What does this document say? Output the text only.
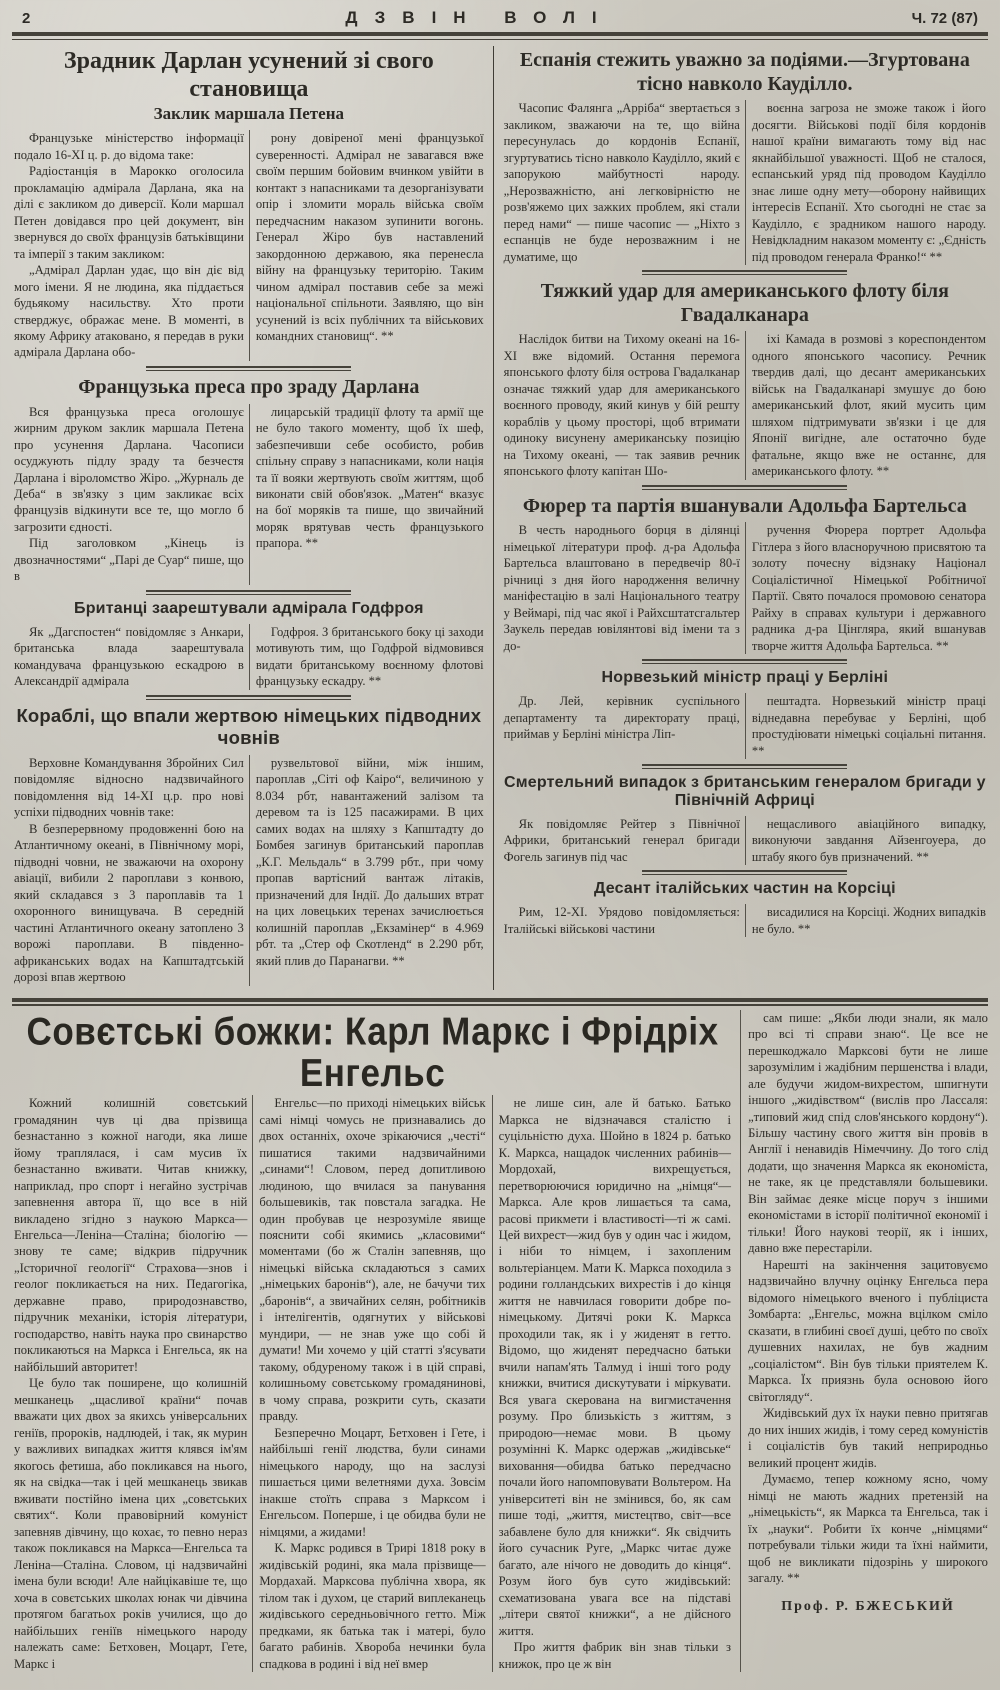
2	ДЗВІН ВОЛІ	Ч. 72 (87)
Зрадник Дарлан усунений зі свого становища
Заклик маршала Петена

Французьке міністерство інформації подало 16-XI ц. р. до відома таке:

Радіостанція в Марокко оголосила прокламацію адмірала Дарлана, яка на ділі є закликом до диверсії. Коли маршал Петен довідався про цей документ, він звернувся до своїх французів батьківщини та імперії з таким закликом:

„Адмірал Дарлан удає, що він діє від мого імени. Я не людина, яка піддається будьякому насильству. Хто проти стверджує, ображає мене. В моменті, в якому Африку атаковано, я передав в руки адмірала Дарлана обо-

рону довіреної мені французької суверенності. Адмірал не завагався вже своїм першим бойовим вчинком увійти в контакт з напасниками та дезорганізувати опір і зломити мораль війська своїм передчасним наказом зупинити вогонь. Генерал Жіро був наставлений закордонною державою, яка перенесла війну на французьку територію. Таким чином адмірал поставив себе за межі національної спільноти. Заявляю, що він усунений із всіх публічних та військових командних становищ“. **

Французька преса про зраду Дарлана

Вся французька преса оголошує жирним друком заклик маршала Петена про усунення Дарлана. Часописи осуджують підлу зраду та безчестя Дарлана і віроломство Жіро. „Журналь де Деба“ в зв'язку з цим закликає всіх французів відкинути все те, що могло б загрозити єдності.

Під заголовком „Кінець із двозначностями“ „Парі де Суар“ пише, що в

лицарській традиції флоту та армії ще не було такого моменту, щоб їх шеф, забезпечивши себе особисто, робив спільну справу з напасниками, коли нація та її вояки жертвують своїм життям, щоб виконати свій обов'язок. „Матен“ вказує на бої моряків та пише, що звичайний моряк врятував честь французького прапора. **

Британці заарештували адмірала Годфроя

Як „Дагспостен“ повідомляє з Анкари, британська влада заарештувала командувача французькою ескадрою в Александрії адмірала

Годфроя. З британського боку ці заходи мотивують тим, що Годфрой відмовився видати британському воєнному флотові французьку ескадру. **

Кораблі, що впали жертвою німецьких підводних човнів

Верховне Командування Збройних Сил повідомляє відносно надзвичайного повідомлення від 14-XI ц.р. про нові успіхи підводних човнів таке:

В безперервному продовженні бою на Атлантичному океані, в Північному морі, підводні човни, не зважаючи на охорону авіації, вибили 2 пароплави з конвою, який складався з 3 пароплавів та 1 охоронного винищувача. В середній частині Атлантичного океану затоплено 3 ворожі пароплави. В південно-африканських водах на Капштадтській дорозі впав жертвою

рузвельтової війни, між іншим, пароплав „Сіті оф Каіро“, величиною у 8.034 рбт, навантажений залізом та деревом та із 125 пасажирами. В цих самих водах на шляху з Капштадту до Бомбея загинув британський пароплав „К.Г. Мельдаль“ в 3.799 рбт., при чому пропав вартісний вантаж літаків, призначений для Індії. До дальших втрат на цих ловецьких теренах зачислюється колишній пароплав „Екзамінер“ в 4.969 рбт. та „Стер оф Скотленд“ в 2.290 рбт, який плив до Паранагви. **

Еспанія стежить уважно за подіями.—Згуртована тісно навколо Кауділло.

Часопис Фалянга „Арріба“ звертається з закликом, зважаючи на те, що війна пересунулась до кордонів Еспанії, згуртуватись тісно навколо Кауділло, який є запорукою майбутності народу. „Нерозважністю, ані легковірністю не розв'яжемо цих зажких проблем, які стали перед нами“ — пише часопис — „Ніхто з еспанців не буде нерозважним і не думатиме, що

воєнна загроза не зможе також і його досягти. Військові події біля кордонів нашої країни вимагають тому від нас якнайбільшої уважності. Щоб не сталося, еспанський уряд під проводом Кауділло знає лише одну мету—оборону найвищих інтересів Еспанії. Хто сьогодні не стає за Кауділло, є зрадником нашого народу. Невідкладним наказом моменту є: „Єдність під проводом генерала Франко!“ **

Тяжкий удар для американського флоту біля Гвадалканара

Наслідок битви на Тихому океані на 16-XI вже відомий. Остання перемога японського флоту біля острова Гвадалканар означає тяжкий удар для американського воєнного проводу, який кинув у бій решту кораблів у цьому просторі, щоб втримати одиноку висунену американську позицію на Тихому океані, — так заявив речник японського флоту капітан Шо-

іхі Камада в розмові з кореспондентом одного японського часопису. Речник твердив далі, що десант американських військ на Гвадалканарі змушує до бою американський флот, який мусить цим шляхом підтримувати зв'язки і це для Японії вигідне, але остаточно буде фатальне, якщо вже не останнє, для американського флоту. **

Фюрер та партія вшанували Адольфа Бартельса

В честь народнього борця в ділянці німецької літератури проф. д-ра Адольфа Бартельса влаштовано в передвечір 80-ї річниці з дня його народження величну маніфестацію в залі Національного театру у Веймарі, під час якої і Райхсштатсгальтер Заукель передав ювілянтові від імени та з до-

ручення Фюрера портрет Адольфа Гітлера з його власноручною присвятою та золоту почесну відзнаку Націонал Соціалістичної Німецької Робітничої Партії. Свято почалося промовою сенатора Райху в справах культури і державного радника д-ра Цінгляра, який вшанував творче життя Адольфа Бартельса. **

Норвезький міністр праці у Берліні

Др. Лей, керівник суспільного департаменту та директорату праці, приймав у Берліні міністра Ліп-

пештадта. Норвезький міністр праці віднедавна перебуває у Берліні, щоб простудіювати німецькі соціальні питання. **

Смертельний випадок з британським генералом бригади у Північній Африці

Як повідомляє Рейтер з Північної Африки, британський генерал бригади Фогель загинув під час

нещасливого авіаційного випадку, виконуючи завдання Айзенгоуера, до штабу якого був призначений. **

Десант італійських частин на Корсіці

Рим, 12-XI. Урядово повідомляється: Італійські військові частини

висадилися на Корсіці. Жодних випадків не було. **

Совєтські божки: Карл Маркс і Фрідріх Енгельс

Кожний колишній совєтський громадянин чув ці два прізвища безнастанно з кожної нагоди, яка лише йому траплялася, і сам мусив їх безнастанно вживати. Читав книжку, наприклад, про спорт і негайно зустрічав запевнення автора її, що все в ній викладено згідно з наукою Маркса—Енгельса—Леніна—Сталіна; біологію — знову те саме; відкрив підручник „Історичної геології“ Страхова—знов і геолог покликається на них. Педагогіка, державне право, природознавство, підручник механіки, історія літератури, господарство, навіть наука про свинарство покликаються на Маркса і Енгельса, як на найбільший авторитет!

Це було так поширене, що колишній мешканець „щасливої країни“ почав вважати цих двох за якихсь універсальних геніїв, пророків, надлюдей, і так, як мурин у важливих випадках життя клявся ім'ям якогось фетиша, або покликався на нього, як на свідка—так і цей мешканець звикав вживати постійно імена цих „совєтських святих“. Коли правовірний комуніст запевняв дівчину, що кохає, то певно нераз також покликався на Маркса—Енгельса та Леніна—Сталіна. Словом, ці надзвичайні імена були всюди! Але найцікавіше те, що хоча в совєтських школах юнак чи дівчина протягом багатьох років училися, що до найбільших геніїв німецького народу належать саме: Бетховен, Моцарт, Гете, Маркс і

Енгельс—по приході німецьких військ самі німці чомусь не признавались до двох останніх, охоче зрікаючися „честі“ пишатися такими надзвичайними „синами“! Словом, перед допитливою людиною, що вчилася за панування большевиків, так повстала загадка. Не один пробував це незрозуміле явище пояснити собі якимись „класовими“ моментами (бо ж Сталін запевняв, що німецькі війська складаються з самих „німецьких баронів“), але, не бачучи тих „баронів“, а звичайних селян, робітників і інтелігентів, одягнутих у військові мундири, — не знав уже що собі й думати! Ми хочемо у цій статті з'ясувати такому, обдуреному також і в цій справі, колишньому совєтському громадянинові, в чому справа, розкрити суть, сказати правду.

Безперечно Моцарт, Бетховен і Гете, і найбільші генії людства, були синами німецького народу, що на заслузі пишається цими велетнями духа. Зовсім інакше стоїть справа з Марксом і Енгельсом. Поперше, і це обидва були не німцями, а жидами!

К. Маркс родився в Трирі 1818 року в жидівській родині, яка мала прізвище—Мордахай. Марксова публічна хвора, як тілом так і духом, це старий виплеканець жидівського середньовічного гетто. Між предками, як батька так і матері, було багато рабинів. Хвороба нечинки була спадкова в родині і від неї вмер

не лише син, але й батько. Батько Маркса не відзначався сталістю і суцільністю духа. Шойно в 1824 р. батько К. Маркса, нащадок численних рабинів—Мордохай, вихрещується, перетворюючися юридично на „німця“—Маркса. Але кров лишається та сама, расові прикмети і властивості—ті ж самі. Цей вихрест—жид був у один час і жидом, і ніби то німцем, і захопленим вольтеріанцем. Мати К. Маркса походила з родини голландських вихрестів і до кінця життя не навчилася говорити добре по-німецькому. Дитячі роки К. Маркса проходили так, як і у жиденят в гетто. Відомо, що жиденят передчасно батьки вчили напам'ять Талмуд і інші того роду книжки, вчитися дискутувати і міркувати. Вся увага скерована на вигмистачення розуму. Про близькість з життям, з природою—немає мови. В цьому розумінні К. Маркс одержав „жидівське“ виховання—обидва батько передчасно почали його напомповувати Вольтером. На університеті він не змінився, бо, як сам пише тоді, „життя, мистецтво, світ—все забавлене було для книжки“. Як свідчить його сучасник Руге, „Маркс читає дуже багато, але нічого не доводить до кінця“. Розум його був суто жидівський: схематизована увага все на підставі „літери святої книжки“, а не дійсного життя.

Про життя фабрик він знав тільки з книжок, про це ж він

сам пише: „Якби люди знали, як мало про всі ті справи знаю“. Це все не перешкоджало Марксові бути не лише зарозумілим і жадібним першенства і влади, але будучи жидом-вихрестом, шпигнути іншого „жидівством“ (вислів про Лассаля: „типовий жид спід слов'янського кордону“). Більшу частину свого життя він провів в Англії і ненавидів Німеччину. До того слід додати, що значення Маркса як економіста, не таке, як це представляли большевики. Він займає деяке місце поруч з іншими економістами в історії політичної економії і тільки! Його наукові теорії, як і інших, давно вже перестаріли.

Нарешті на закінчення зацитовуємо надзвичайно влучну оцінку Енгельса пера відомого німецького вченого і публіциста Зомбарта: „Енгельс, можна вцілком сміло сказати, в глибині своєї душі, цебто по своїх душевних нахилах, не був жадним „соціалістом“. Він був тільки приятелем К. Маркса. Їх приязнь була основою його світогляду“.

Жидівський дух їх науки певно притягав до них інших жидів, і тому серед комуністів і соціалістів був такий неприродньо великий процент жидів.

Думаємо, тепер кожному ясно, чому німці не мають жадних претензій на „німецькість“, як Маркса та Енгельса, так і їх „науки“. Робити їх конче „німцями“ потребували тільки жиди та їхні наймити, щоб не викликати підозрінь у широкого загалу. **

Проф. Р. БЖЕСЬКИЙ
